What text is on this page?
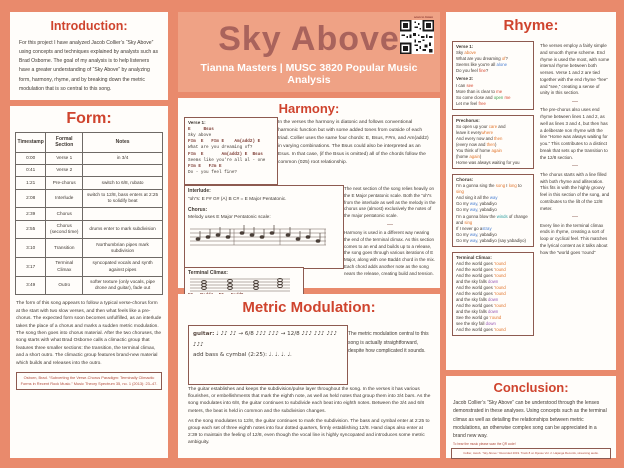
Introduction:

For this project I have analyzed Jacob Collier’s “Sky Above” using concepts and techniques explained by analysts such as Brad Osborne. The goal of my analysis is to help listeners have a greater understanding of “Sky Above” by analyzing form, harmony, rhyme, and by breaking down the metric modulation that is so central to this song.

Form:
Timestamp	Formal Section	Notes
0:00	Verse 1	in 3/4
0:41	Verse 2	
1:21	Pre-chorus	switch to 6/8, rubato
2:08	Interlude	switch to 12/8, bass enters at 2:25 to solidify beat
2:39	Chorus	
2:55	Chorus (second time)	drums enter to mark subdivision
3:10	Transition	Northumbrian pipes mark subdivision
3:17	Terminal Climax	syncopated vocals and synth against pipes
3:49	Outro	softer texture (only vocals, pipe drone and guitar), fade out

The form of this song appears to follow a typical verse-chorus form at the start with two slow verses, and then what feels like a pre-chorus. The expected form soon becomes unfulfilled, as an interlude takes the place of a chorus and marks a sudden metric modulation. The song then goes into chorus material. After the two choruses, the song starts with what Brad Osborne calls a climactic group that features three smaller sections: the transition, the terminal climax, and a short outro. The climactic group features brand-new material which builds and releases into the outro.

Osborn, Brad. “Subverting the Verse-Chorus Paradigm: Terminally Climactic Forms in Recent Rock Music.” Music Theory Spectrum 35, no. 1 (2013): 23–47.
scan to listen
Sky Above
Tianna Masters | MUSC 3820 Popular Music Analysis
Harmony:
Verse 1:
E     Bsus
Sky above
F#m  E   F#m E    Am(add2) E
What are you dreaming of?
F#m  E       Am(add2) E  Bsus
Seems like you're all al - one
F#m E   F#m E
Do - you feel fine?

In the verses the harmony is diatonic and follows conventional harmonic function but with some added tones from outside of each triad. Collier uses the same four chords: E, Bsus, F#m, and Am(add2) in varying combinations. The Bsus could also be interpreted as an Esus. In that case, (if the Bsus is omitted) all of the chords follow the common (025) root relationship.

Interlude:
“oh”s: E F# G# (A) B C# = E Major Pentatonic.
Chorus:
Melody uses E Major Pentatonic scale:

The next section of the song relies heavily on the E Major pentatonic scale. Both the “oh”s from the interlude as well as the melody in the chorus use (almost) exclusively the notes of the major pentatonic scale.

—

Harmony is used in a different way nearing the end of the terminal climax. As this section comes to an end and builds up to a release, the song goes through various iterations of E Major, along with one Badd4 chord in the mix. Each chord adds another note as the song nears the release, creating build and tension.

Terminal Climax:
Metric Modulation:
guitar: ♩ ♪♪ ♪♪ → 6/8 ♪♪♪ ♪♪♪ → 12/8 ♪♪♪ ♪♪♪ ♪♪♪ ♪♪♪
add bass & cymbal (2:25): ♩. ♩. ♩. ♩.

The metric modulation central to this song is actually straightforward, despite how complicated it sounds.

The guitar establishes and keeps the subdivision/pulse layer throughout the song. In the verses it has various flourishes, or embellishments that mark the eighth note, as well as held notes that group them into 3/4 bars. As the song modulates into 6/8, the guitar continues to subdivide each beat into eighth notes. Between the 3/4 and 6/8 meters, the beat is held in common and the subdivision changes.

As the song modulates to 12/8, the guitar continues to mark the subdivision. The bass and cymbal enter at 2:25 to group each set of three eighth notes into four dotted quarters, firmly establishing 12/8. Hand claps also enter at 2:39 to maintain the feeling of 12/8, even though the vocal line is highly syncopated and introduces some metric ambiguity.

Rhyme:
Verse 1:
Sky above
What are you dreaming of?
Seems like you're all alone
Do you feel fine?
Verse 2:
I can see
More than is clear to me
So come close and open me
Let me feel free
Prechorus:
So open up your care and
leave it everywhere
And every now and then
(every now and then)
You think of home again
(home again)
Home was always waiting for you
Chorus:
I'm a gonna sing the song I long to sing
And sing it all the way
Go my way, yabadiyo
Go my way, yabadiyo
I'm a gonna blow the winds of change and sing
If I never go astray
Go my way, yabadiyo
Go my way, yabadiyo (say yabadiyo)
Terminal Climax:
And the world goes 'round
And the world goes 'round
And the world goes 'round
and the sky falls down
And the world goes 'round
And the world goes 'round
and the sky falls down
And the world goes 'round
and the sky falls down
See the world go 'round
see the sky fall down
And the world goes 'round

The verses employ a fairly simple and smooth rhyme scheme. End rhyme is used the most, with some internal rhyme between both verses. Verse 1 and 2 are tied together with the end rhyme “free” and “see,” creating a sense of unity in this section.

—

The pre-chorus also uses end rhyme between lines 1 and 2, as well as lines 3 and 4, but then has a deliberate non rhyme with the line “Home was always waiting for you.” This contributes to a distinct break that sets up the transition to the 12/8 section.

—

The chorus starts with a line filled with both rhyme and alliteration. This fits in with the highly groovy feel in this section of the song, and contributes to the lilt of the 12/8 meter.

—

Every line in the terminal climax ends in rhyme, creating a sort of loop or cyclical feel. This matches the lyrical content as it talks about how the “world goes ’round”

Conclusion:

Jacob Collier’s “Sky Above” can be understood through the lenses demonstrated in these analyses. Using concepts such as the terminal climax as well as detailing the relationships between metric modulations, an otherwise complex song can be appreciated in a brand new way.

To hear the music please scan the QR code!

Collier, Jacob. “Sky Above.” Recorded 2019. Track 8 on Djesse Vol. 2. Hajanga Records, streaming audio.
